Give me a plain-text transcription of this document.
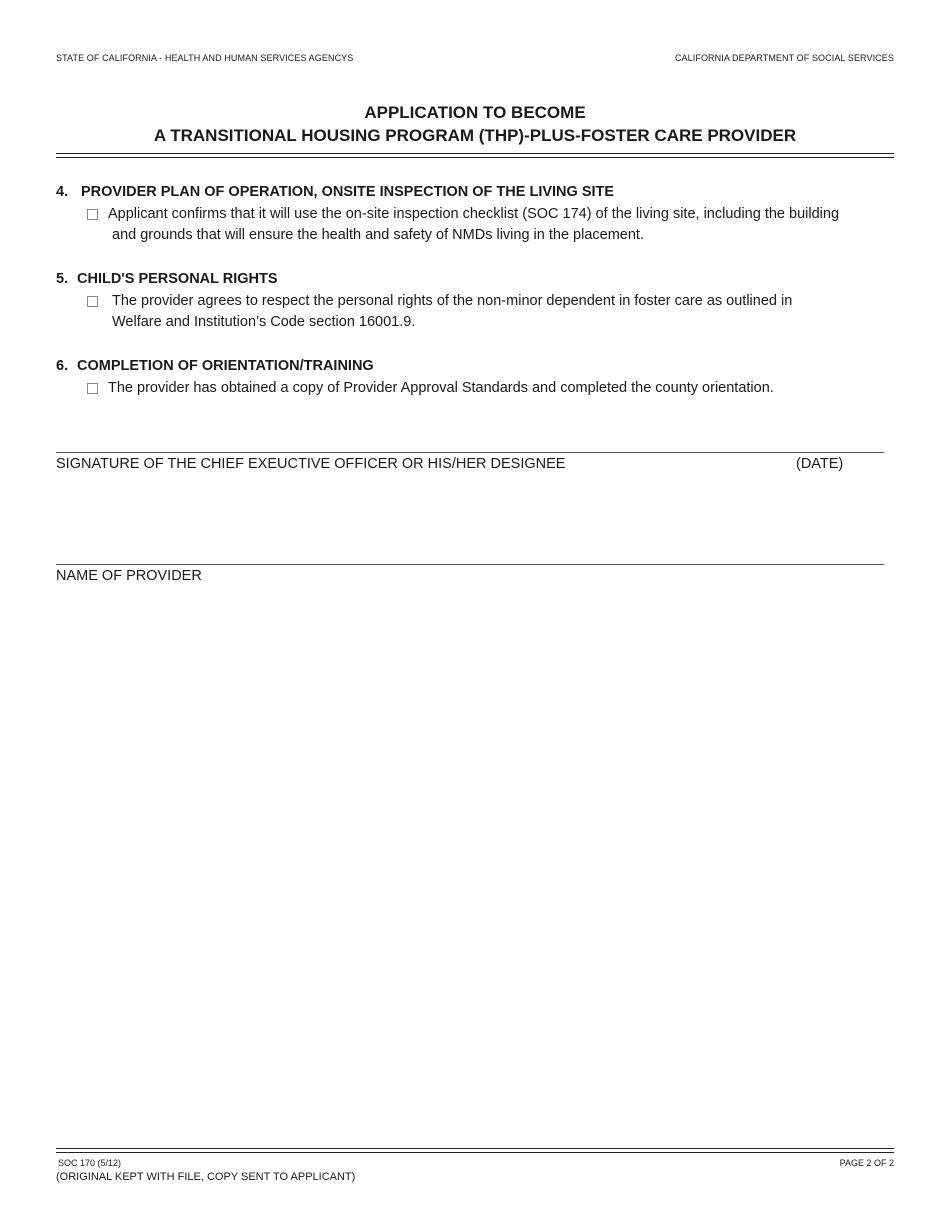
STATE OF CALIFORNIA - HEALTH AND HUMAN SERVICES AGENCYS	CALIFORNIA DEPARTMENT OF SOCIAL SERVICES
APPLICATION TO BECOME
A TRANSITIONAL HOUSING PROGRAM (THP)-PLUS-FOSTER CARE PROVIDER
4. PROVIDER PLAN OF OPERATION, ONSITE INSPECTION OF THE LIVING SITE
Applicant confirms that it will use the on-site inspection checklist (SOC 174) of the living site, including the building
and grounds that will ensure the health and safety of NMDs living in the placement.
5. CHILD'S PERSONAL RIGHTS
The provider agrees to respect the personal rights of the non-minor dependent in foster care as outlined in
Welfare and Institution’s Code section 16001.9.
6. COMPLETION OF ORIENTATION/TRAINING
The provider has obtained a copy of Provider Approval Standards and completed the county orientation.
SIGNATURE OF THE CHIEF EXEUCTIVE OFFICER OR HIS/HER DESIGNEE	(DATE)
NAME OF PROVIDER
SOC 170 (5/12)	PAGE 2 OF 2
(ORIGINAL KEPT WITH FILE, COPY SENT TO APPLICANT)
